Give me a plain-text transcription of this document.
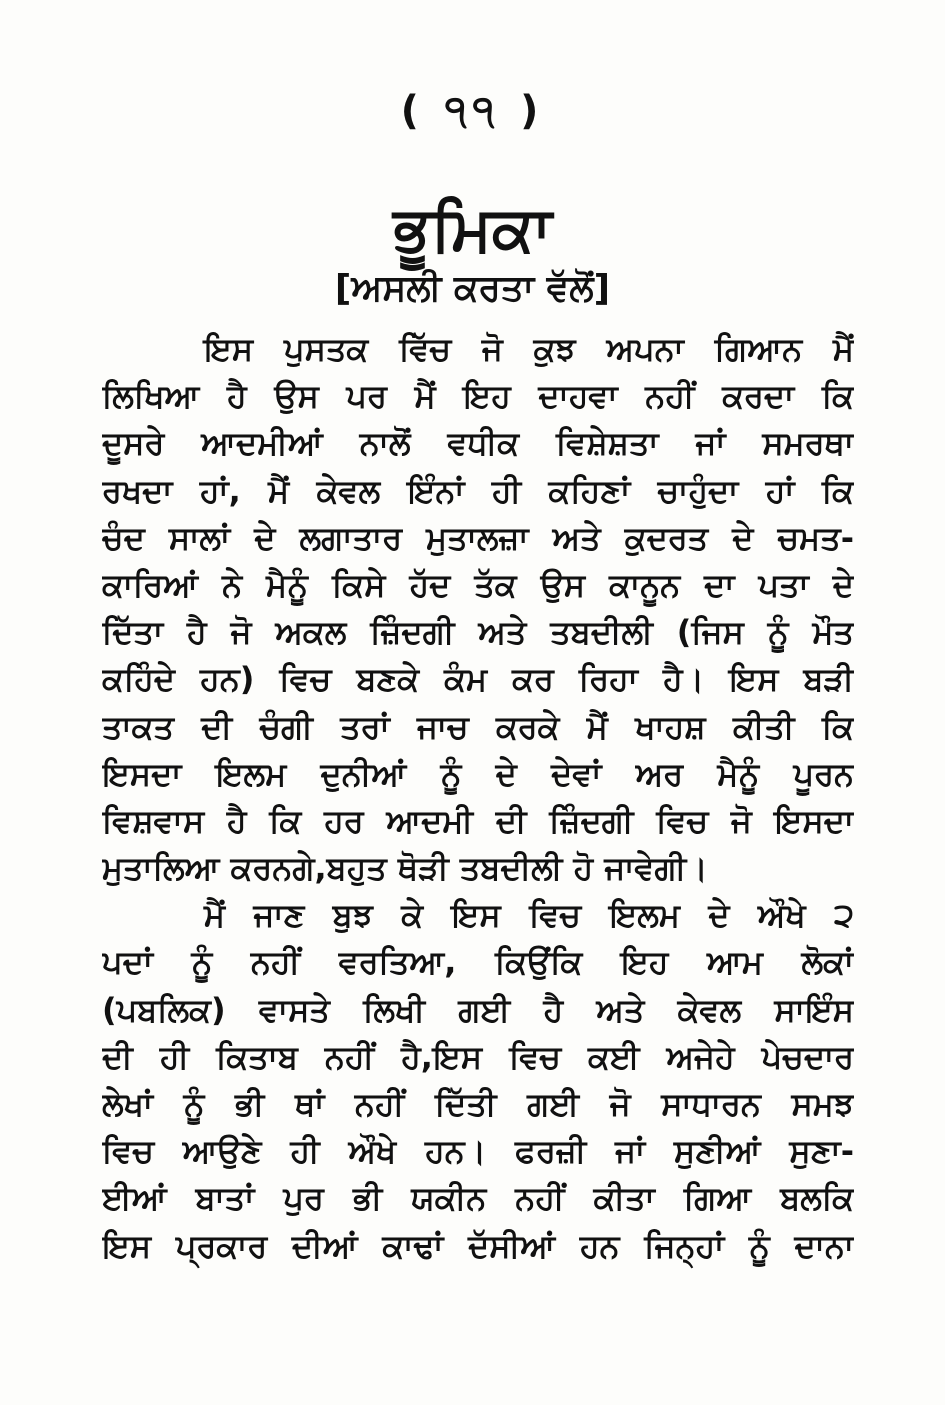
( ੧੧ )
ਭੂਮਿਕਾ
[ਅਸਲੀ ਕਰਤਾ ਵੱਲੋਂ]
ਇਸ ਪੁਸਤਕ ਵਿੱਚ ਜੋ ਕੁਝ ਅਪਨਾ ਗਿਆਨ ਮੈਂ
ਲਿਖਿਆ ਹੈ ਉਸ ਪਰ ਮੈਂ ਇਹ ਦਾਹਵਾ ਨਹੀਂ ਕਰਦਾ ਕਿ
ਦੂਸਰੇ ਆਦਮੀਆਂ ਨਾਲੋਂ ਵਧੀਕ ਵਿਸ਼ੇਸ਼ਤਾ ਜਾਂ ਸਮਰਥਾ
ਰਖਦਾ ਹਾਂ, ਮੈਂ ਕੇਵਲ ਇੰਨਾਂ ਹੀ ਕਹਿਣਾਂ ਚਾਹੁੰਦਾ ਹਾਂ ਕਿ
ਚੰਦ ਸਾਲਾਂ ਦੇ ਲਗਾਤਾਰ ਮੁਤਾਲਜ਼ਾ ਅਤੇ ਕੁਦਰਤ ਦੇ ਚਮਤ-
ਕਾਰਿਆਂ ਨੇ ਮੈਨੂੰ ਕਿਸੇ ਹੱਦ ਤੱਕ ਉਸ ਕਾਨੂਨ ਦਾ ਪਤਾ ਦੇ
ਦਿੱਤਾ ਹੈ ਜੋ ਅਕਲ ਜ਼ਿੰਦਗੀ ਅਤੇ ਤਬਦੀਲੀ (ਜਿਸ ਨੂੰ ਮੌਤ
ਕਹਿੰਦੇ ਹਨ) ਵਿਚ ਬਣਕੇ ਕੰਮ ਕਰ ਰਿਹਾ ਹੈ। ਇਸ ਬੜੀ
ਤਾਕਤ ਦੀ ਚੰਗੀ ਤਰਾਂ ਜਾਚ ਕਰਕੇ ਮੈਂ ਖਾਹਸ਼ ਕੀਤੀ ਕਿ
ਇਸਦਾ ਇਲਮ ਦੁਨੀਆਂ ਨੂੰ ਦੇ ਦੇਵਾਂ ਅਰ ਮੈਨੂੰ ਪੂਰਨ
ਵਿਸ਼ਵਾਸ ਹੈ ਕਿ ਹਰ ਆਦਮੀ ਦੀ ਜ਼ਿੰਦਗੀ ਵਿਚ ਜੋ ਇਸਦਾ
ਮੁਤਾਲਿਆ ਕਰਨਗੇ,ਬਹੁਤ ਥੋੜੀ ਤਬਦੀਲੀ ਹੋ ਜਾਵੇਗੀ।
ਮੈਂ ਜਾਣ ਬੁਝ ਕੇ ਇਸ ਵਿਚ ਇਲਮ ਦੇ ਔਖੇ ੨
ਪਦਾਂ ਨੂੰ ਨਹੀਂ ਵਰਤਿਆ, ਕਿਉਂਕਿ ਇਹ ਆਮ ਲੋਕਾਂ
(ਪਬਲਿਕ) ਵਾਸਤੇ ਲਿਖੀ ਗਈ ਹੈ ਅਤੇ ਕੇਵਲ ਸਾਇੰਸ
ਦੀ ਹੀ ਕਿਤਾਬ ਨਹੀਂ ਹੈ,ਇਸ ਵਿਚ ਕਈ ਅਜੇਹੇ ਪੇਚਦਾਰ
ਲੇਖਾਂ ਨੂੰ ਭੀ ਥਾਂ ਨਹੀਂ ਦਿੱਤੀ ਗਈ ਜੋ ਸਾਧਾਰਨ ਸਮਝ
ਵਿਚ ਆਉਣੇ ਹੀ ਔਖੇ ਹਨ। ਫਰਜ਼ੀ ਜਾਂ ਸੁਣੀਆਂ ਸੁਣਾ-
ਈਆਂ ਬਾਤਾਂ ਪੁਰ ਭੀ ਯਕੀਨ ਨਹੀਂ ਕੀਤਾ ਗਿਆ ਬਲਕਿ
ਇਸ ਪ੍ਰਕਾਰ ਦੀਆਂ ਕਾਢਾਂ ਦੱਸੀਆਂ ਹਨ ਜਿਨ੍ਹਾਂ ਨੂੰ ਦਾਨਾ
